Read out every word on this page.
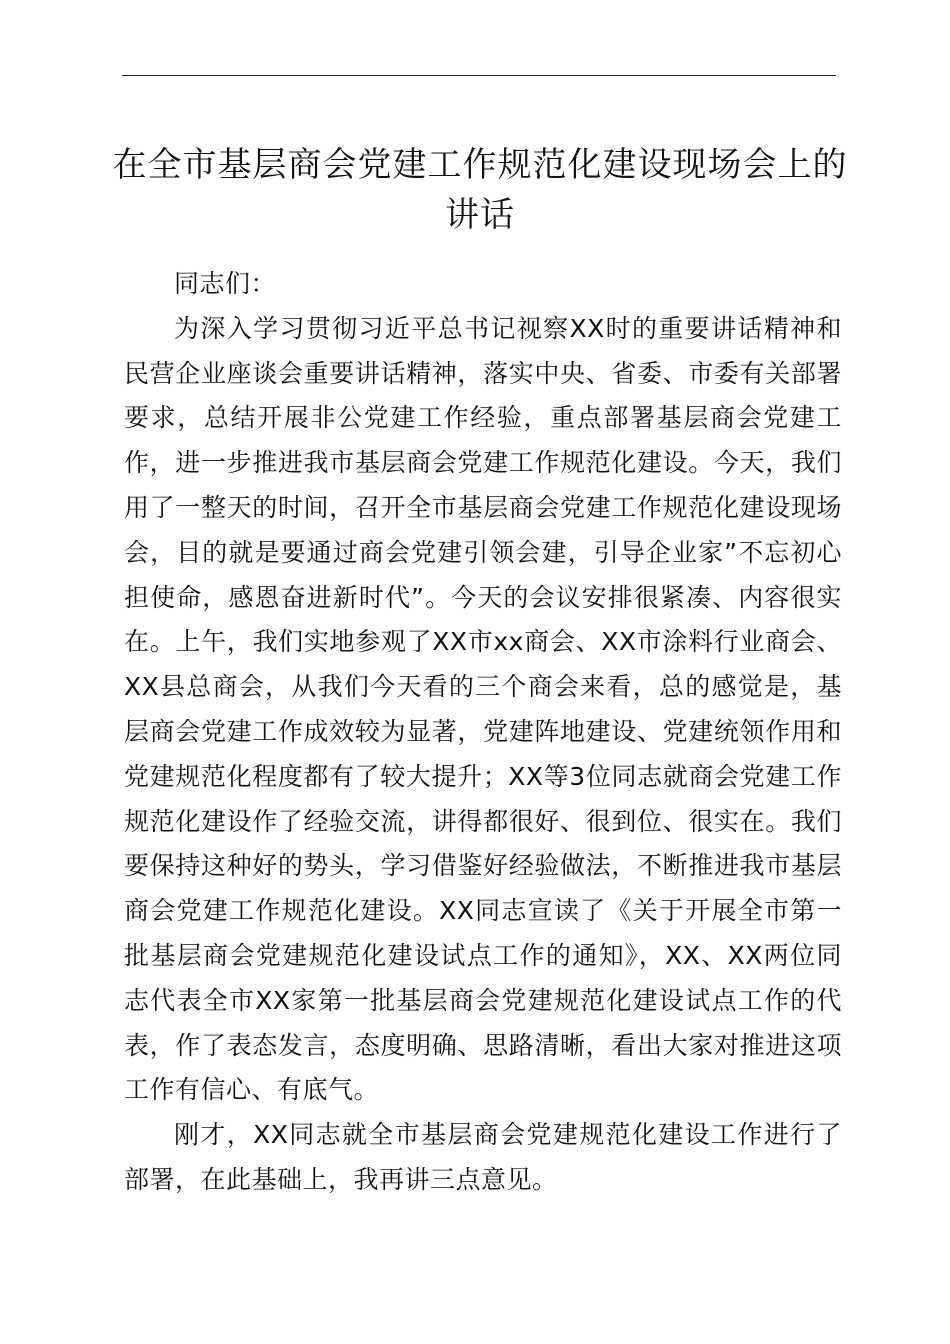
在全市基层商会党建工作规范化建设现场会上的讲话

同志们：

为深入学习贯彻习近平总书记视察XX时的重要讲话精神和民营企业座谈会重要讲话精神，落实中央、省委、市委有关部署要求，总结开展非公党建工作经验，重点部署基层商会党建工作，进一步推进我市基层商会党建工作规范化建设。今天，我们用了一整天的时间，召开全市基层商会党建工作规范化建设现场会，目的就是要通过商会党建引领会建，引导企业家”不忘初心担使命，感恩奋进新时代”。今天的会议安排很紧凑、内容很实在。上午，我们实地参观了XX市xx商会、XX市涂料行业商会、XX县总商会，从我们今天看的三个商会来看，总的感觉是，基层商会党建工作成效较为显著，党建阵地建设、党建统领作用和党建规范化程度都有了较大提升；XX等3位同志就商会党建工作规范化建设作了经验交流，讲得都很好、很到位、很实在。我们要保持这种好的势头，学习借鉴好经验做法，不断推进我市基层商会党建工作规范化建设。XX同志宣读了《关于开展全市第一批基层商会党建规范化建设试点工作的通知》，XX、XX两位同志代表全市XX家第一批基层商会党建规范化建设试点工作的代表，作了表态发言，态度明确、思路清晰，看出大家对推进这项工作有信心、有底气。

刚才，XX同志就全市基层商会党建规范化建设工作进行了部署，在此基础上，我再讲三点意见。
